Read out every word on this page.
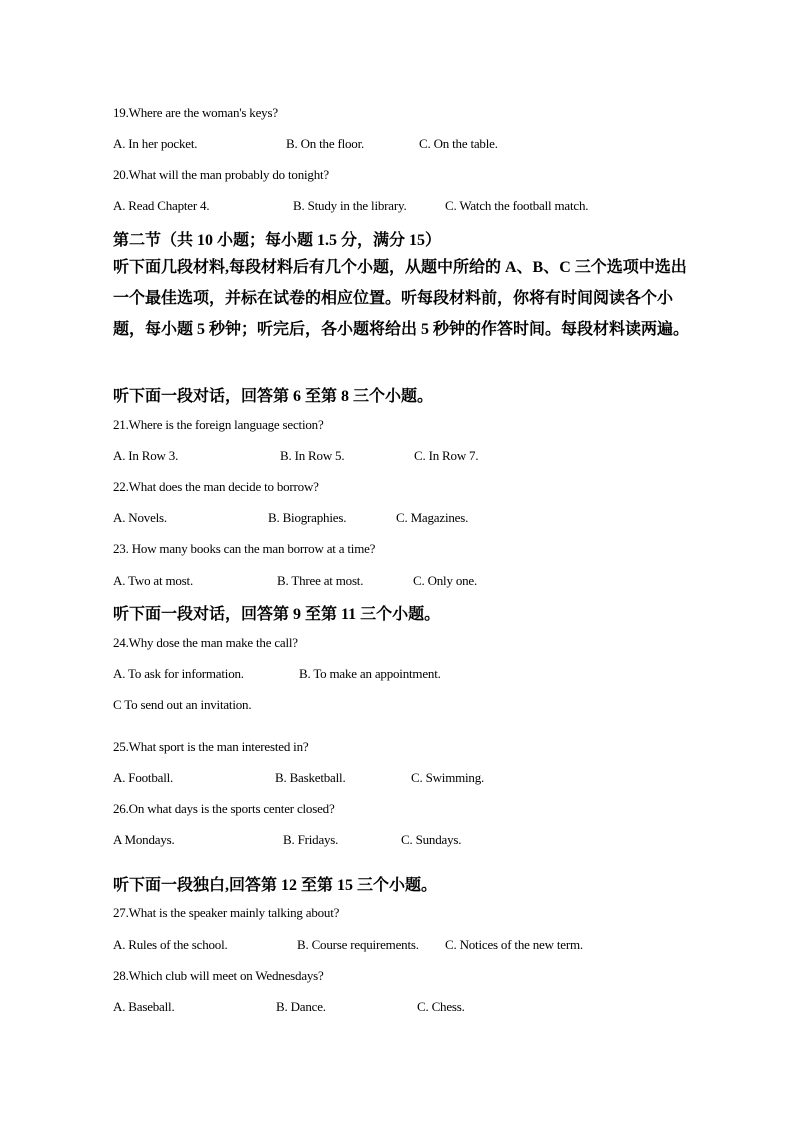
19.Where are the woman's keys?
A. In her pocket.	B. On the floor.	C. On the table.
20.What will the man probably do tonight?
A. Read Chapter 4.	B. Study in the library.	C. Watch the football match.
第二节（共 10 小题；每小题 1.5 分，满分 15）
听下面几段材料,每段材料后有几个小题，从题中所给的 A、B、C 三个选项中选出一个最佳选项，并标在试卷的相应位置。听每段材料前，你将有时间阅读各个小题，每小题 5 秒钟；听完后，各小题将给出 5 秒钟的作答时间。每段材料读两遍。
听下面一段对话，回答第 6 至第 8 三个小题。
21.Where is the foreign language section?
A. In Row 3.	B. In Row 5.	C. In Row 7.
22.What does the man decide to borrow?
A. Novels.	B. Biographies.	C. Magazines.
23. How many books can the man borrow at a time?
A. Two at most.	B. Three at most.	C. Only one.
听下面一段对话，回答第 9 至第 11 三个小题。
24.Why dose the man make the call?
A. To ask for information.	B. To make an appointment.
C To send out an invitation.
25.What sport is the man interested in?
A. Football.	B. Basketball.	C. Swimming.
26.On what days is the sports center closed?
A Mondays.	B. Fridays.	C. Sundays.
听下面一段独白,回答第 12 至第 15 三个小题。
27.What is the speaker mainly talking about?
A. Rules of the school.	B. Course requirements. C. Notices of the new term.
28.Which club will meet on Wednesdays?
A. Baseball.	B. Dance.	C. Chess.
